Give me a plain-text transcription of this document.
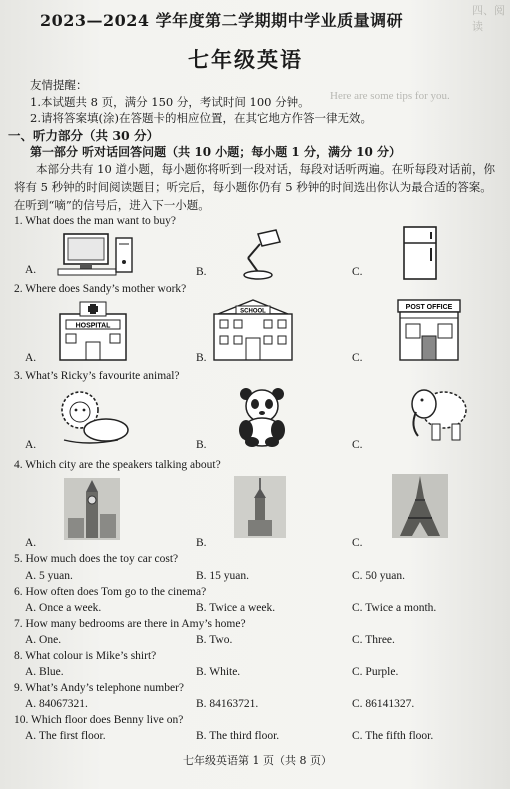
四、阅读
Here are some tips for you.
2023—2024 学年度第二学期期中学业质量调研
七年级英语
友情提醒：
1.本试题共 8 页，满分 150 分，考试时间 100 分钟。
2.请将答案填(涂)在答题卡的相应位置，在其它地方作答一律无效。
一、听力部分（共 30 分）
第一部分 听对话回答问题（共 10 小题；每小题 1 分，满分 10 分）
本部分共有 10 道小题，每小题你将听到一段对话，每段对话听两遍。在听每段对话前，你将有 5 秒钟的时间阅读题目；听完后，每小题你仍有 5 秒钟的时间选出你认为最合适的答案。在听到“嘀”的信号后，进入下一小题。
1. What does the man want to buy?
A.	B.	C.
2. Where does Sandy’s mother work?
HOSPITAL
SCHOOL
POST OFFICE
A.	B.	C.
3. What’s Ricky’s favourite animal?
A.	B.	C.
4. Which city are the speakers talking about?
A.	B.	C.
5. How much does the toy car cost?
A. 5 yuan.	B. 15 yuan.	C. 50 yuan.
6. How often does Tom go to the cinema?
A. Once a week.	B. Twice a week.	C. Twice a month.
7. How many bedrooms are there in Amy’s home?
A. One.	B. Two.	C. Three.
8. What colour is Mike’s shirt?
A. Blue.	B. White.	C. Purple.
9. What’s Andy’s telephone number?
A. 84067321.	B. 84163721.	C. 86141327.
10. Which floor does Benny live on?
A. The first floor.	B. The third floor.	C. The fifth floor.
七年级英语第 1 页（共 8 页）
